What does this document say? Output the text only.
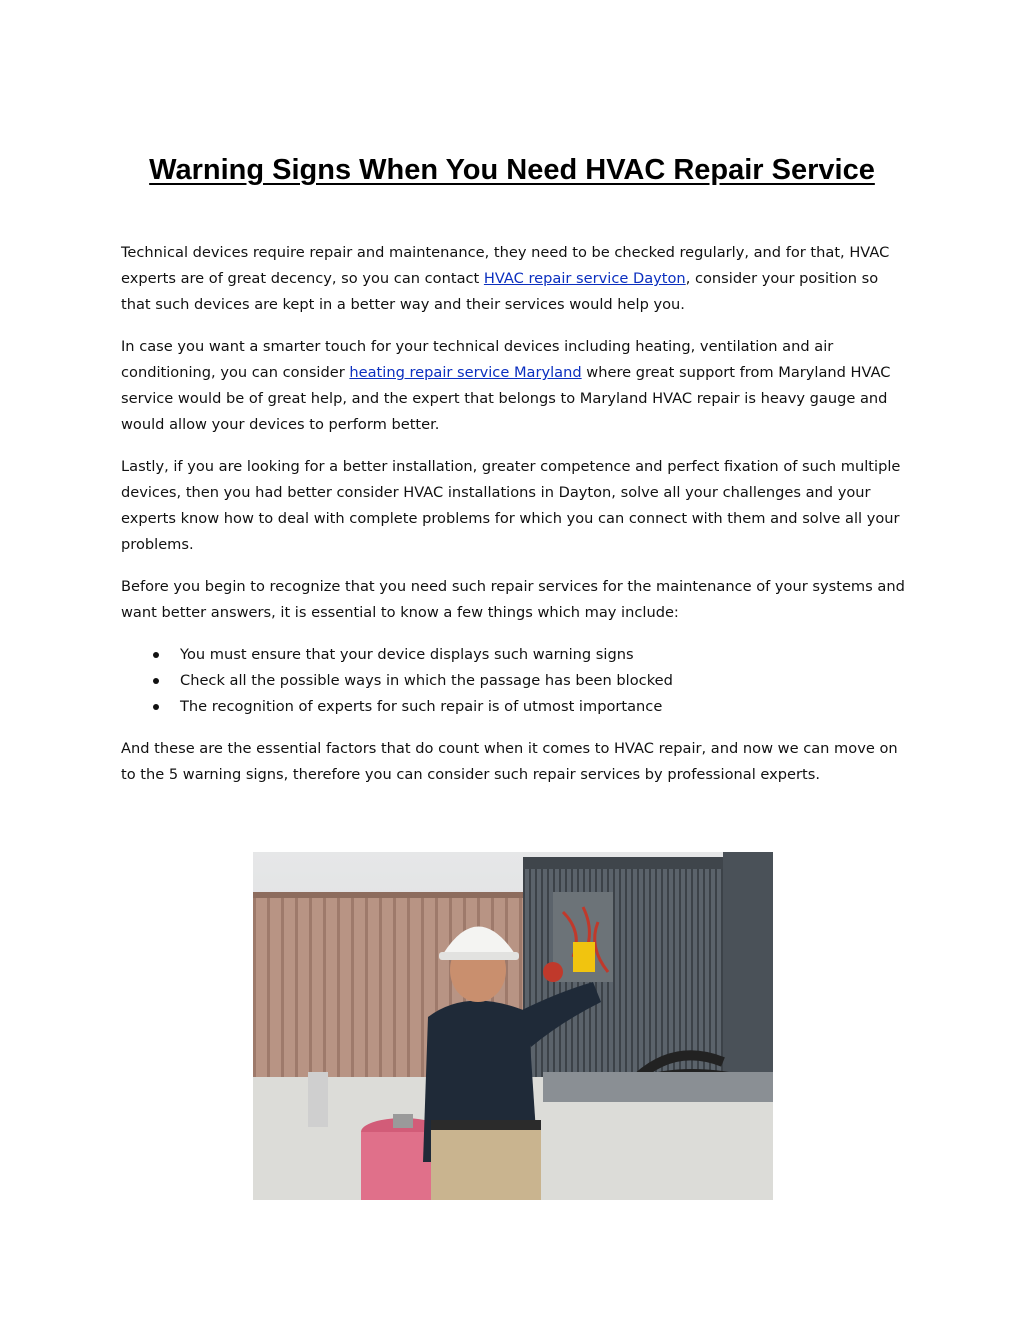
Warning Signs When You Need HVAC Repair Service

Technical devices require repair and maintenance, they need to be checked regularly, and for that, HVAC experts are of great decency, so you can contact HVAC repair service Dayton, consider your position so that such devices are kept in a better way and their services would help you.

In case you want a smarter touch for your technical devices including heating, ventilation and air conditioning, you can consider heating repair service Maryland where great support from Maryland HVAC service would be of great help, and the expert that belongs to Maryland HVAC repair is heavy gauge and would allow your devices to perform better.

Lastly, if you are looking for a better installation, greater competence and perfect fixation of such multiple devices, then you had better consider HVAC installations in Dayton, solve all your challenges and your experts know how to deal with complete problems for which you can connect with them and solve all your problems.

Before you begin to recognize that you need such repair services for the maintenance of your systems and want better answers, it is essential to know a few things which may include:

You must ensure that your device displays such warning signs
Check all the possible ways in which the passage has been blocked
The recognition of experts for such repair is of utmost importance

And these are the essential factors that do count when it comes to HVAC repair, and now we can move on to the 5 warning signs, therefore you can consider such repair services by professional experts.
